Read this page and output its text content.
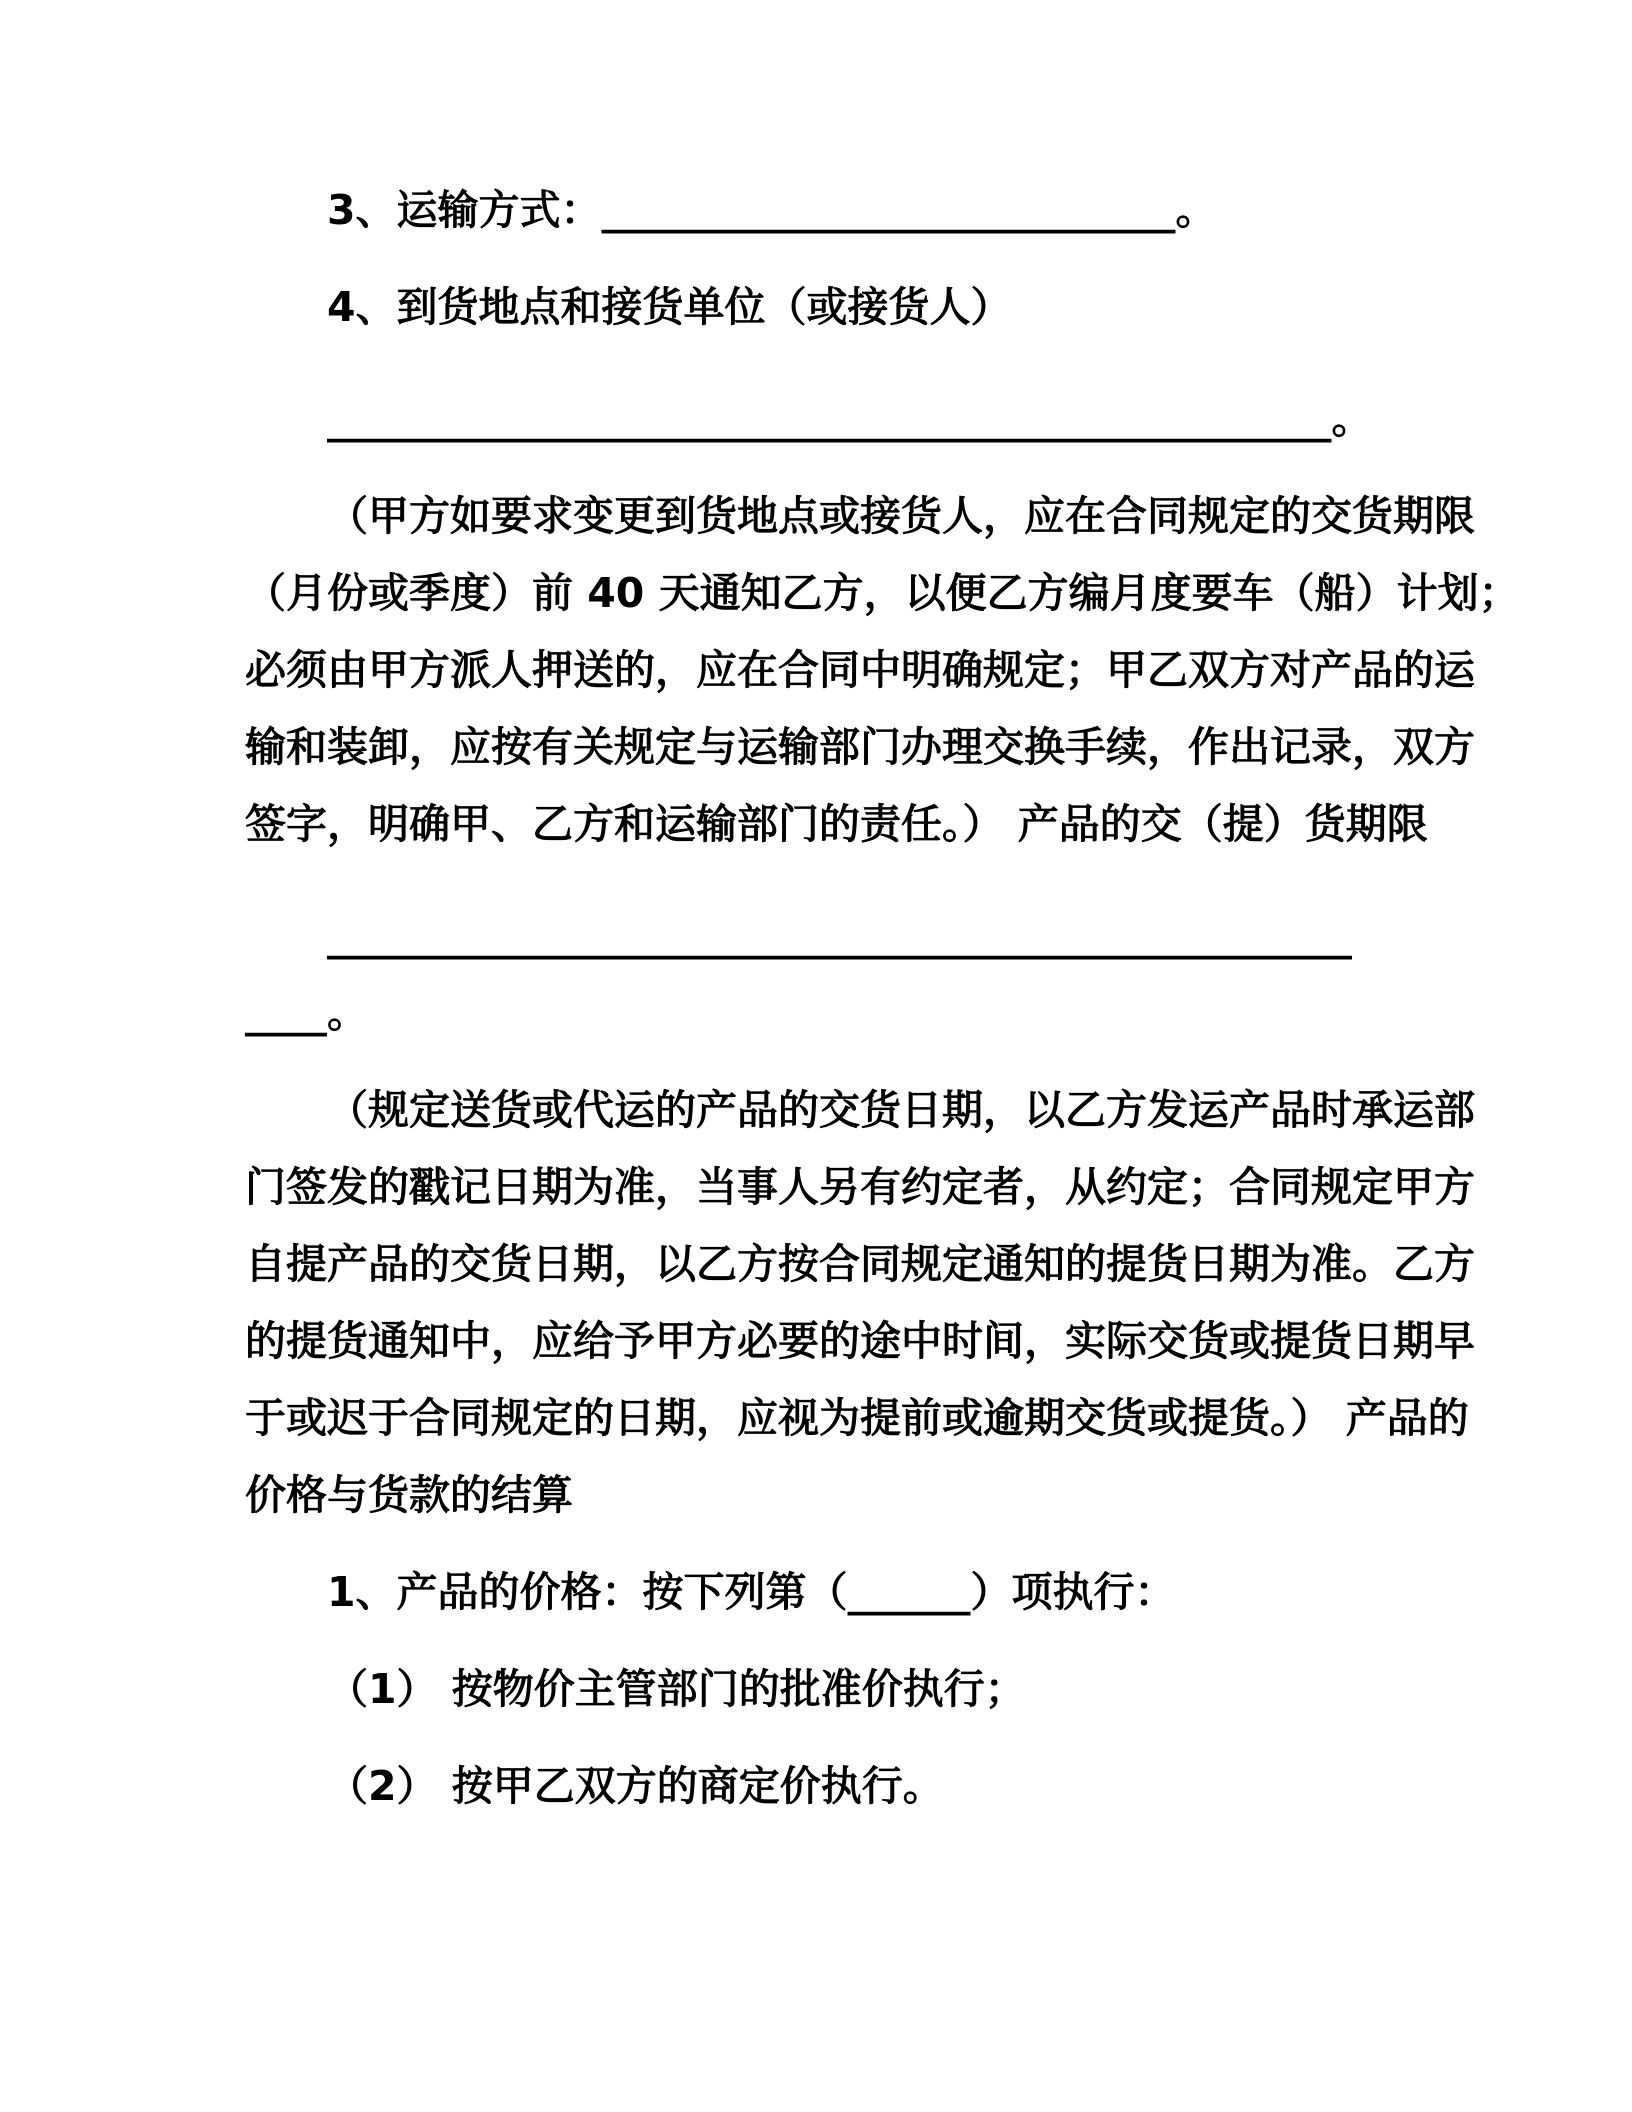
3、运输方式：____________________________。
4、到货地点和接货单位（或接货人）
_________________________________________________。
（甲方如要求变更到货地点或接货人，应在合同规定的交货期限
（月份或季度）前 40 天通知乙方，以便乙方编月度要车（船）计划；
必须由甲方派人押送的，应在合同中明确规定；甲乙双方对产品的运
输和装卸，应按有关规定与运输部门办理交换手续，作出记录，双方
签字，明确甲、乙方和运输部门的责任。） 产品的交（提）货期限
__________________________________________________
____。
（规定送货或代运的产品的交货日期，以乙方发运产品时承运部
门签发的戳记日期为准，当事人另有约定者，从约定；合同规定甲方
自提产品的交货日期，以乙方按合同规定通知的提货日期为准。乙方
的提货通知中，应给予甲方必要的途中时间，实际交货或提货日期早
于或迟于合同规定的日期，应视为提前或逾期交货或提货。） 产品的
价格与货款的结算
1、产品的价格：按下列第（______）项执行：
（1） 按物价主管部门的批准价执行；
（2） 按甲乙双方的商定价执行。
